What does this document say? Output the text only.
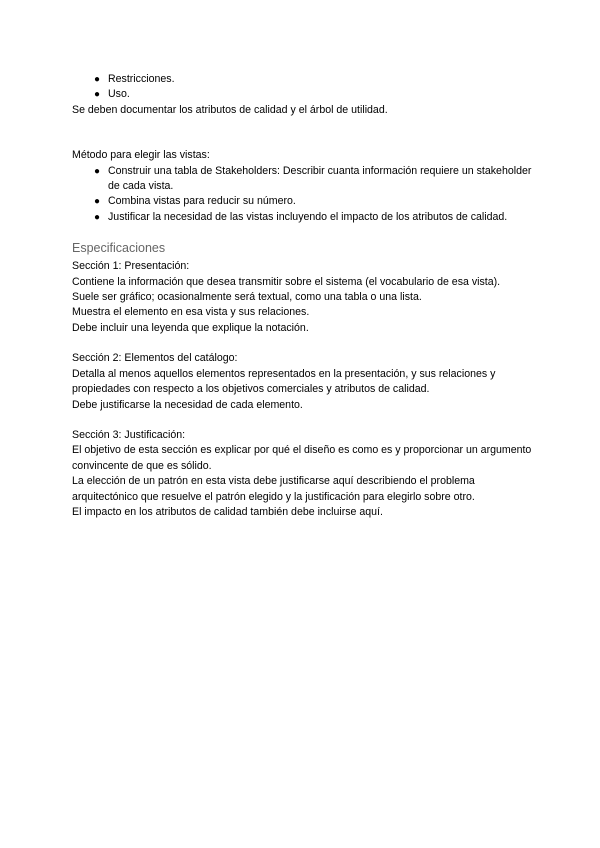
● Restricciones.
● Uso.

Se deben documentar los atributos de calidad y el árbol de utilidad.

Método para elegir las vistas:

● Construir una tabla de Stakeholders: Describir cuanta información requiere un stakeholder de cada vista.
● Combina vistas para reducir su número.
● Justificar la necesidad de las vistas incluyendo el impacto de los atributos de calidad.
Especificaciones

Sección 1: Presentación:

Contiene la información que desea transmitir sobre el sistema (el vocabulario de esa vista).

Suele ser gráfico; ocasionalmente será textual, como una tabla o una lista.

Muestra el elemento en esa vista y sus relaciones.

Debe incluir una leyenda que explique la notación.

Sección 2: Elementos del catálogo:

Detalla al menos aquellos elementos representados en la presentación, y sus relaciones y propiedades con respecto a los objetivos comerciales y atributos de calidad.

Debe justificarse la necesidad de cada elemento.

Sección 3: Justificación:

El objetivo de esta sección es explicar por qué el diseño es como es y proporcionar un argumento convincente de que es sólido.

La elección de un patrón en esta vista debe justificarse aquí describiendo el problema arquitectónico que resuelve el patrón elegido y la justificación para elegirlo sobre otro.

El impacto en los atributos de calidad también debe incluirse aquí.
